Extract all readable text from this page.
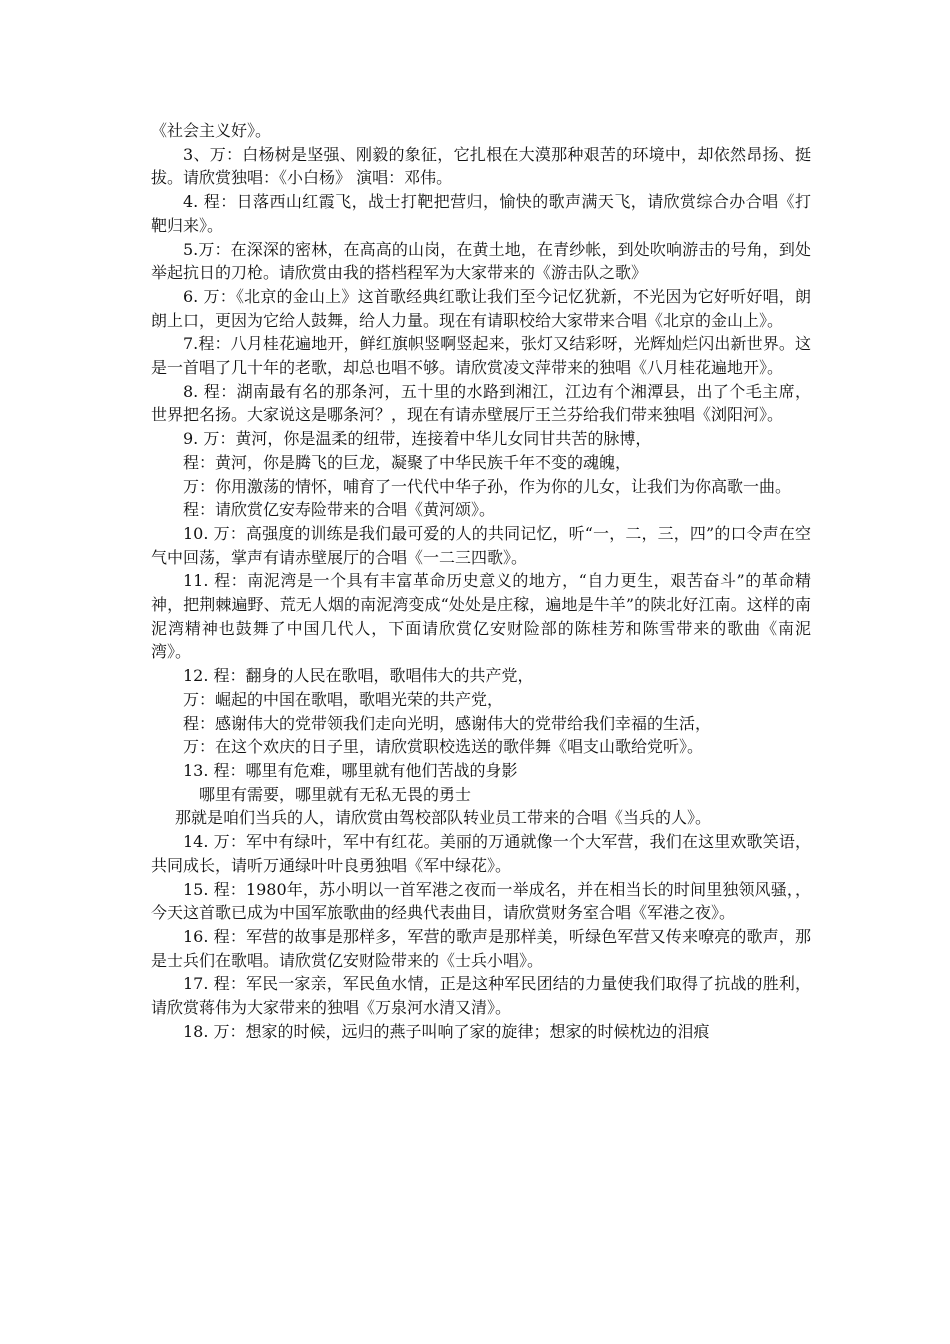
《社会主义好》。

3、万：白杨树是坚强、刚毅的象征，它扎根在大漠那种艰苦的环境中，却依然昂扬、挺拔。请欣赏独唱：《小白杨》 演唱：邓伟。

4. 程：日落西山红霞飞，战士打靶把营归，愉快的歌声满天飞，请欣赏综合办合唱《打靶归来》。

5.万：在深深的密林，在高高的山岗，在黄土地，在青纱帐，到处吹响游击的号角，到处举起抗日的刀枪。请欣赏由我的搭档程军为大家带来的《游击队之歌》

6. 万：《北京的金山上》这首歌经典红歌让我们至今记忆犹新，不光因为它好听好唱，朗朗上口，更因为它给人鼓舞，给人力量。现在有请职校给大家带来合唱《北京的金山上》。

7.程：八月桂花遍地开，鲜红旗帜竖啊竖起来，张灯又结彩呀，光辉灿烂闪出新世界。这是一首唱了几十年的老歌，却总也唱不够。请欣赏凌文萍带来的独唱《八月桂花遍地开》。

8. 程：湖南最有名的那条河，五十里的水路到湘江，江边有个湘潭县，出了个毛主席，世界把名扬。大家说这是哪条河？，现在有请赤壁展厅王兰芬给我们带来独唱《浏阳河》。

9. 万：黄河，你是温柔的纽带，连接着中华儿女同甘共苦的脉博，

程：黄河，你是腾飞的巨龙，凝聚了中华民族千年不变的魂魄，

万：你用激荡的情怀，哺育了一代代中华子孙，作为你的儿女，让我们为你高歌一曲。

程：请欣赏亿安寿险带来的合唱《黄河颂》。

10. 万：高强度的训练是我们最可爱的人的共同记忆，听“一，二，三，四”的口令声在空气中回荡，掌声有请赤壁展厅的合唱《一二三四歌》。

11. 程：南泥湾是一个具有丰富革命历史意义的地方，“自力更生，艰苦奋斗”的革命精神，把荆棘遍野、荒无人烟的南泥湾变成“处处是庄稼，遍地是牛羊”的陕北好江南。这样的南泥湾精神也鼓舞了中国几代人，下面请欣赏亿安财险部的陈桂芳和陈雪带来的歌曲《南泥湾》。

12. 程：翻身的人民在歌唱，歌唱伟大的共产党，

万：崛起的中国在歌唱，歌唱光荣的共产党，

程：感谢伟大的党带领我们走向光明，感谢伟大的党带给我们幸福的生活，

万：在这个欢庆的日子里，请欣赏职校选送的歌伴舞《唱支山歌给党听》。

13. 程：哪里有危难，哪里就有他们苦战的身影

哪里有需要，哪里就有无私无畏的勇士

那就是咱们当兵的人，请欣赏由驾校部队转业员工带来的合唱《当兵的人》。

14. 万：军中有绿叶，军中有红花。美丽的万通就像一个大军营，我们在这里欢歌笑语，共同成长，请听万通绿叶叶良勇独唱《军中绿花》。

15. 程：1980年，苏小明以一首军港之夜而一举成名，并在相当长的时间里独领风骚，，今天这首歌已成为中国军旅歌曲的经典代表曲目，请欣赏财务室合唱《军港之夜》。

16. 程：军营的故事是那样多，军营的歌声是那样美，听绿色军营又传来嘹亮的歌声，那是士兵们在歌唱。请欣赏亿安财险带来的《士兵小唱》。

17. 程：军民一家亲，军民鱼水情，正是这种军民团结的力量使我们取得了抗战的胜利，请欣赏蒋伟为大家带来的独唱《万泉河水清又清》。

18. 万：想家的时候，远归的燕子叫响了家的旋律；想家的时候枕边的泪痕
